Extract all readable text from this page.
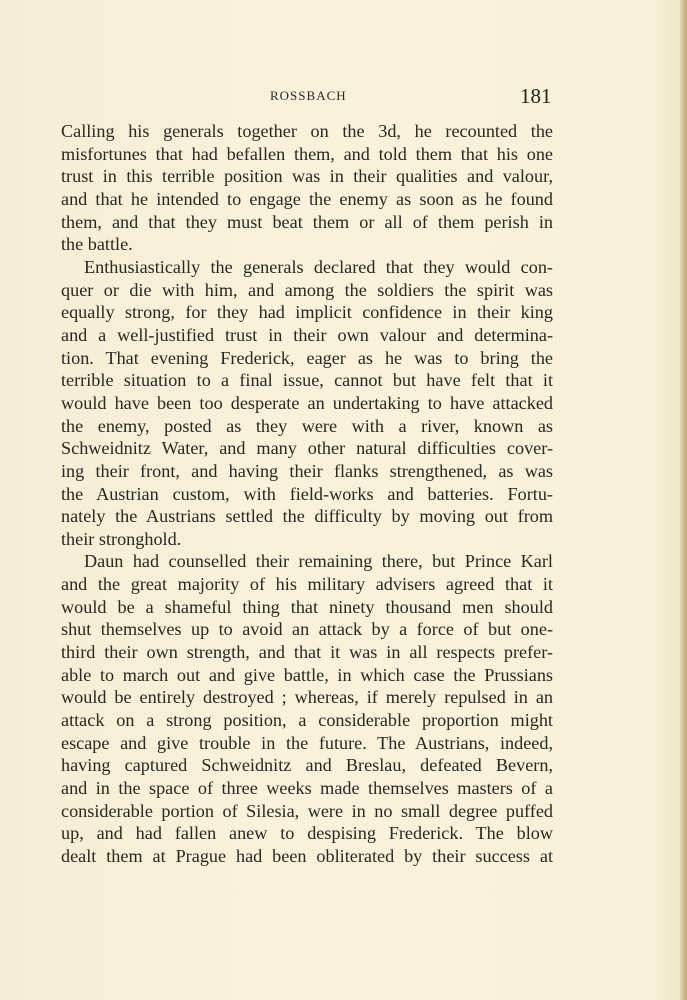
ROSSBACH	181
Calling his generals together on the 3d, he recounted the
misfortunes that had befallen them, and told them that his one
trust in this terrible position was in their qualities and valour,
and that he intended to engage the enemy as soon as he found
them, and that they must beat them or all of them perish in
the battle.
Enthusiastically the generals declared that they would con-
quer or die with him, and among the soldiers the spirit was
equally strong, for they had implicit confidence in their king
and a well-justified trust in their own valour and determina-
tion. That evening Frederick, eager as he was to bring the
terrible situation to a final issue, cannot but have felt that it
would have been too desperate an undertaking to have attacked
the enemy, posted as they were with a river, known as
Schweidnitz Water, and many other natural difficulties cover-
ing their front, and having their flanks strengthened, as was
the Austrian custom, with field-works and batteries. Fortu-
nately the Austrians settled the difficulty by moving out from
their stronghold.
Daun had counselled their remaining there, but Prince Karl
and the great majority of his military advisers agreed that it
would be a shameful thing that ninety thousand men should
shut themselves up to avoid an attack by a force of but one-
third their own strength, and that it was in all respects prefer-
able to march out and give battle, in which case the Prussians
would be entirely destroyed ; whereas, if merely repulsed in an
attack on a strong position, a considerable proportion might
escape and give trouble in the future. The Austrians, indeed,
having captured Schweidnitz and Breslau, defeated Bevern,
and in the space of three weeks made themselves masters of a
considerable portion of Silesia, were in no small degree puffed
up, and had fallen anew to despising Frederick. The blow
dealt them at Prague had been obliterated by their success at
